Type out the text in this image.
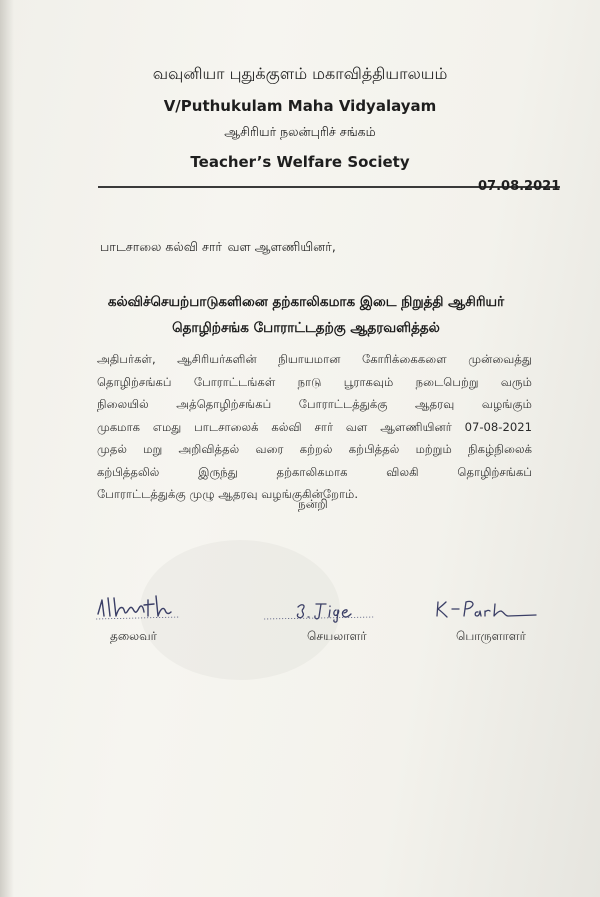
வவுனியா புதுக்குளம் மகாவித்தியாலயம்
V/Puthukulam Maha Vidyalayam
ஆசிரியர் நலன்புரிச் சங்கம்
Teacher’s Welfare Society
07.08.2021
பாடசாலை கல்வி சாா் வள ஆளணியினர்,
கல்விச்செயற்பாடுகளினை தற்காலிகமாக இடை நிறுத்தி ஆசிரியர்
தொழிற்சங்க போராட்டதற்கு ஆதரவளித்தல்
அதிபர்கள், ஆசிரியர்களின் நியாயமான கோரிக்கைகளை முன்வைத்து
தொழிற்சங்கப் போராட்டங்கள் நாடு பூராகவும் நடைபெற்று வரும்
நிலையில் அத்தொழிற்சங்கப் போராட்டத்துக்கு ஆதரவு வழங்கும்
முகமாக எமது பாடசாலைக் கல்வி சார் வள ஆளணியினர் 07-08-2021
முதல் மறு அறிவித்தல் வரை கற்றல் கற்பித்தல் மற்றும் நிகழ்நிலைக்
கற்பித்தலில் இருந்து தற்காலிகமாக விலகி தொழிற்சங்கப்
போராட்டத்துக்கு முழு ஆதரவு வழங்குகின்றோம்.
நன்றி
தலைவர்	செயலாளர்	பொருளாளர்
